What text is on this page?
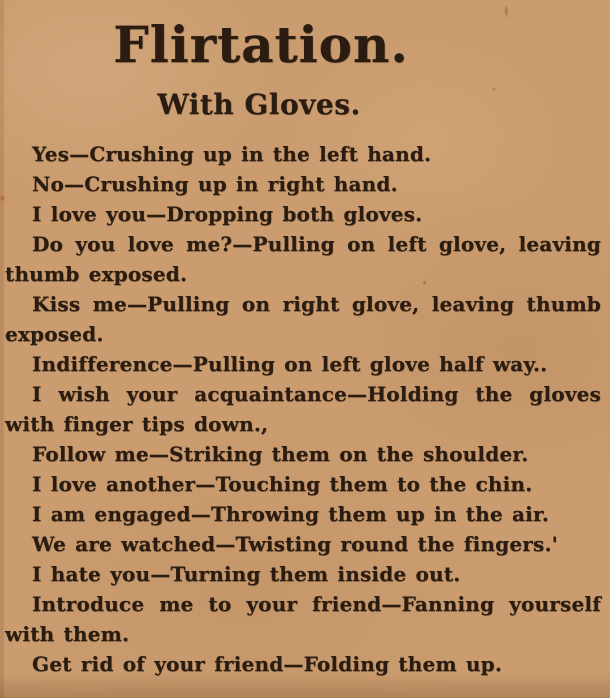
Flirtation.
With Gloves.
Yes—Crushing up in the left hand.
No—Crushing up in right hand.
I love you—Dropping both gloves.
Do you love me?—Pulling on left glove, leaving
thumb exposed.
Kiss me—Pulling on right glove, leaving thumb
exposed.
Indifference—Pulling on left glove half way..
I wish your acquaintance—Holding the gloves
with finger tips down.,
Follow me—Striking them on the shoulder.
I love another—Touching them to the chin.
I am engaged—Throwing them up in the air.
We are watched—Twisting round the fingers.'
I hate you—Turning them inside out.
Introduce me to your friend—Fanning yourself
with them.
Get rid of your friend—Folding them up.
